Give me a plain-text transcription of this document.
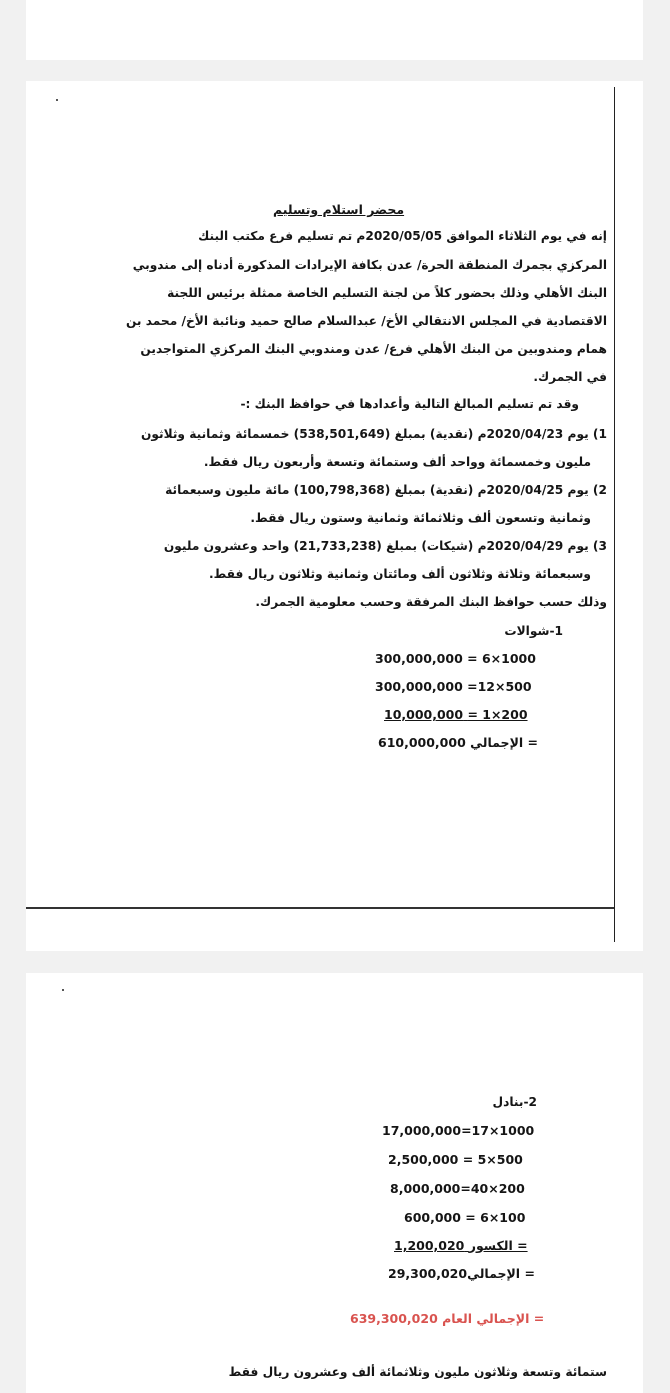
محضر استلام وتسليم
إنه في يوم الثلاثاء الموافق 2020/05/05م تم تسليم فرع مكتب البنك
المركزي بجمرك المنطقة الحرة/ عدن بكافة الإيرادات المذكورة أدناه إلى مندوبي
البنك الأهلي وذلك بحضور كلاً من لجنة التسليم الخاصة ممثلة برئيس اللجنة
الاقتصادية في المجلس الانتقالي الأخ/ عبدالسلام صالح حميد ونائبة الأخ/ محمد بن
همام ومندوبين من البنك الأهلي فرع/ عدن ومندوبي البنك المركزي المتواجدين
في الجمرك.
وقد تم تسليم المبالغ التالية وأعدادها في حوافظ البنك :-
1) يوم 2020/04/23م (نقدية) بمبلغ (538,501,649) خمسمائة وثمانية وثلاثون
مليون وخمسمائة وواحد ألف وستمائة وتسعة وأربعون ريال فقط.
2) يوم 2020/04/25م (نقدية) بمبلغ (100,798,368) مائة مليون وسبعمائة
وثمانية وتسعون ألف وثلاثمائة وثمانية وستون ريال فقط.
3) يوم 2020/04/29م (شيكات) بمبلغ (21,733,238) واحد وعشرون مليون
وسبعمائة وثلاثة وثلاثون ألف ومائتان وثمانية وثلاثون ريال فقط.
وذلك حسب حوافظ البنك المرفقة وحسب معلومية الجمرك.
1-شوالات
300,000,000 = 6×1000
300,000,000 =12×500
10,000,000 = 1×200
610,000,000 = الإجمالي
2-بنادل
17,000,000=17×1000
2,500,000 = 5×500
8,000,000=40×200
600,000 = 6×100
1,200,020 = الكسور
29,300,020= الإجمالي
639,300,020 = الإجمالي العام
ستمائة وتسعة وثلاثون مليون وثلاثمائة ألف وعشرون ريال فقط
